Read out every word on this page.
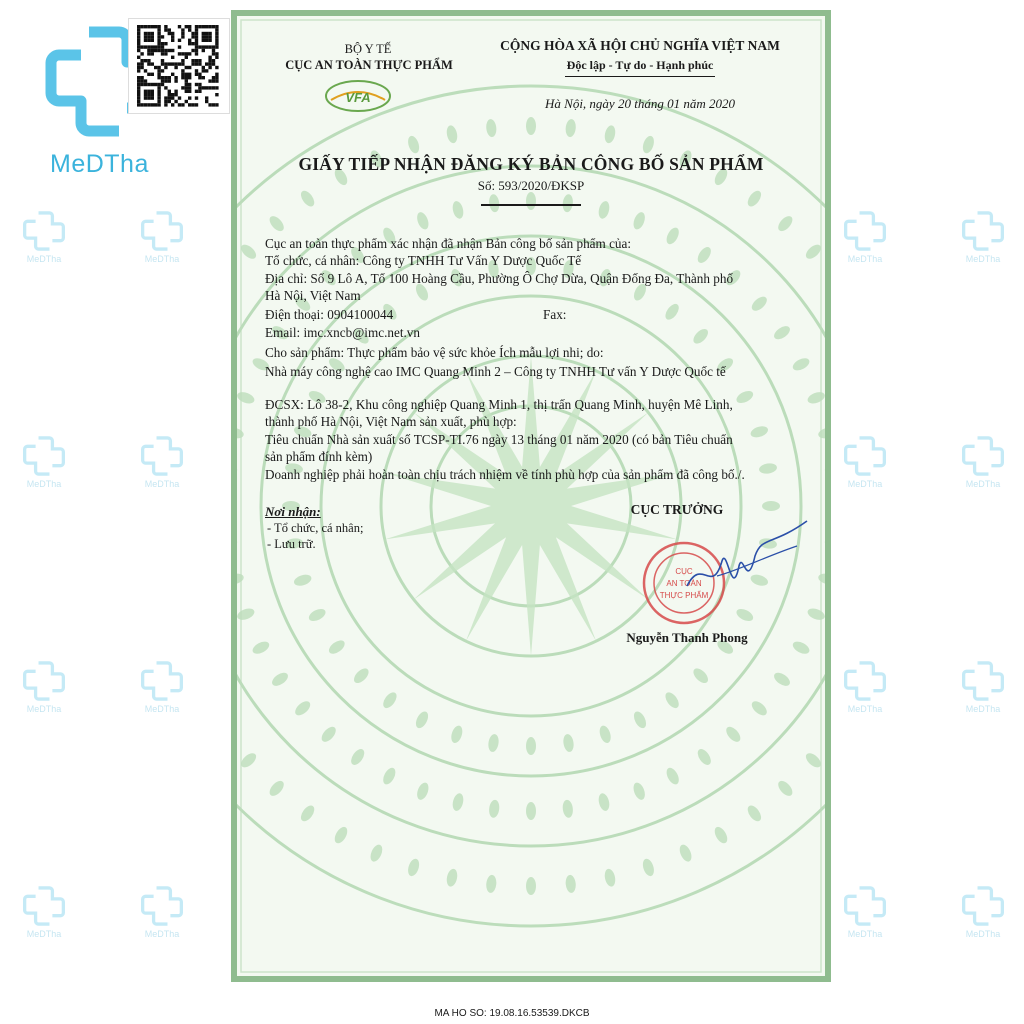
MeDTha	MeDTha	MeDTha	MeDTha
MeDTha	MeDTha	MeDTha	MeDTha
MeDTha	MeDTha	MeDTha	MeDTha
MeDTha	MeDTha	MeDTha	MeDTha
MeDTha
BỘ Y TẾ
CỤC AN TOÀN THỰC PHẨM
VFA
CỘNG HÒA XÃ HỘI CHỦ NGHĨA VIỆT NAM
Độc lập - Tự do - Hạnh phúc
Hà Nội, ngày 20 tháng 01 năm 2020
GIẤY TIẾP NHẬN ĐĂNG KÝ BẢN CÔNG BỐ SẢN PHẨM
Số: 593/2020/ĐKSP
Cục an toàn thực phẩm xác nhận đã nhận Bản công bố sản phẩm của:
Tổ chức, cá nhân: Công ty TNHH Tư Vấn Y Dược Quốc Tế
Địa chỉ: Số 9 Lô A, Tổ 100 Hoàng Cầu, Phường Ô Chợ Dừa, Quận Đống Đa, Thành phố
Hà Nội, Việt Nam
Điện thoại: 0904100044	Fax:
Email: imc.xncb@imc.net.vn
Cho sản phẩm: Thực phẩm bảo vệ sức khỏe Ích mẫu lợi nhi; do:
Nhà máy công nghệ cao IMC Quang Minh 2 – Công ty TNHH Tư vấn Y Dược Quốc tế
ĐCSX: Lô 38-2, Khu công nghiệp Quang Minh 1, thị trấn Quang Minh, huyện Mê Linh,
thành phố Hà Nội, Việt Nam sản xuất, phù hợp:
Tiêu chuẩn Nhà sản xuất số TCSP-TI.76 ngày 13 tháng 01 năm 2020 (có bản Tiêu chuẩn
sản phẩm đính kèm)
Doanh nghiệp phải hoàn toàn chịu trách nhiệm về tính phù hợp của sản phẩm đã công bố./.
Nơi nhận:
- Tổ chức, cá nhân;
- Lưu trữ.
CỤC TRƯỞNG
Nguyễn Thanh Phong
CỤC
AN TOÀN
THỰC PHẨM
MA HO SO: 19.08.16.53539.DKCB
